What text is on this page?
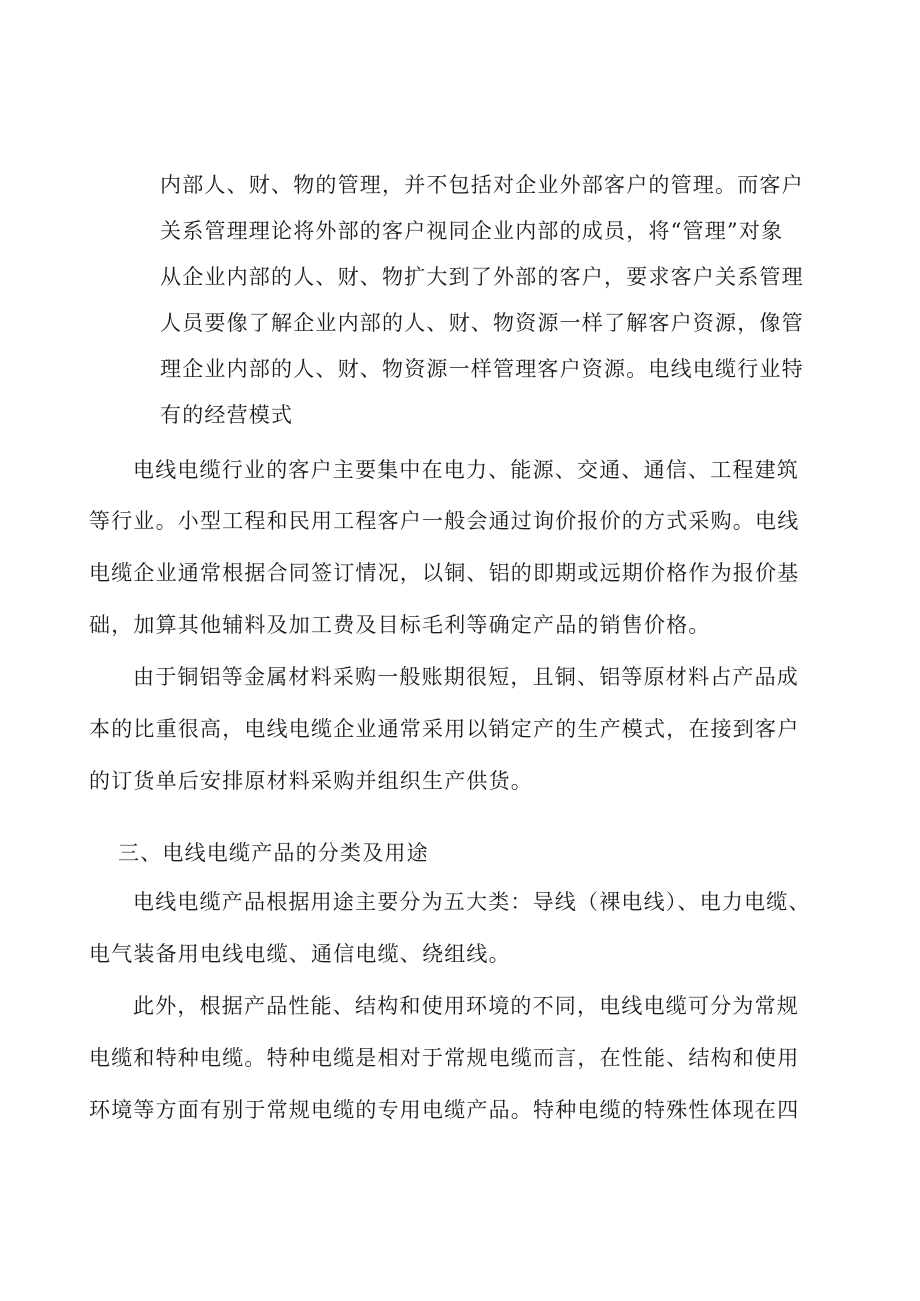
内部人、财、物的管理，并不包括对企业外部客户的管理。而客户
关系管理理论将外部的客户视同企业内部的成员，将“管理”对象
从企业内部的人、财、物扩大到了外部的客户，要求客户关系管理
人员要像了解企业内部的人、财、物资源一样了解客户资源，像管
理企业内部的人、财、物资源一样管理客户资源。电线电缆行业特
有的经营模式
电线电缆行业的客户主要集中在电力、能源、交通、通信、工程建筑
等行业。小型工程和民用工程客户一般会通过询价报价的方式采购。电线
电缆企业通常根据合同签订情况，以铜、铝的即期或远期价格作为报价基
础，加算其他辅料及加工费及目标毛利等确定产品的销售价格。
由于铜铝等金属材料采购一般账期很短，且铜、铝等原材料占产品成
本的比重很高，电线电缆企业通常采用以销定产的生产模式，在接到客户
的订货单后安排原材料采购并组织生产供货。
三、电线电缆产品的分类及用途
电线电缆产品根据用途主要分为五大类：导线（裸电线）、电力电缆、
电气装备用电线电缆、通信电缆、绕组线。
此外，根据产品性能、结构和使用环境的不同，电线电缆可分为常规
电缆和特种电缆。特种电缆是相对于常规电缆而言，在性能、结构和使用
环境等方面有别于常规电缆的专用电缆产品。特种电缆的特殊性体现在四
